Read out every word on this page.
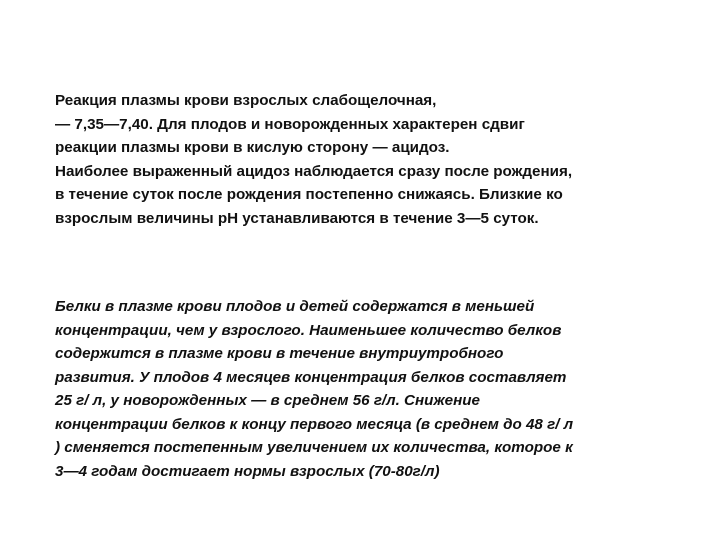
Реакция плазмы крови взрослых слабощелочная,
— 7,35—7,40. Для плодов и новорожденных характерен сдвиг
реакции плазмы крови в кислую сторону — ацидоз.
Наиболее выраженный ацидоз наблюдается сразу после рождения,
в течение суток после рождения постепенно снижаясь. Близкие ко
взрослым величины pH устанавливаются в течение 3—5 суток.
Белки в плазме крови плодов и детей содержатся в меньшей
концентрации, чем у взрослого. Наименьшее количество белков
содержится в плазме крови в течение внутриутробного
развития. У плодов 4 месяцев концентрация белков составляет
25 г/ л, у новорожденных — в среднем 56 г/л. Снижение
концентрации белков к концу первого месяца (в среднем до 48 г/ л
) сменяется постепенным увеличением их количества, которое к
3—4 годам достигает нормы взрослых (70-80г/л)
